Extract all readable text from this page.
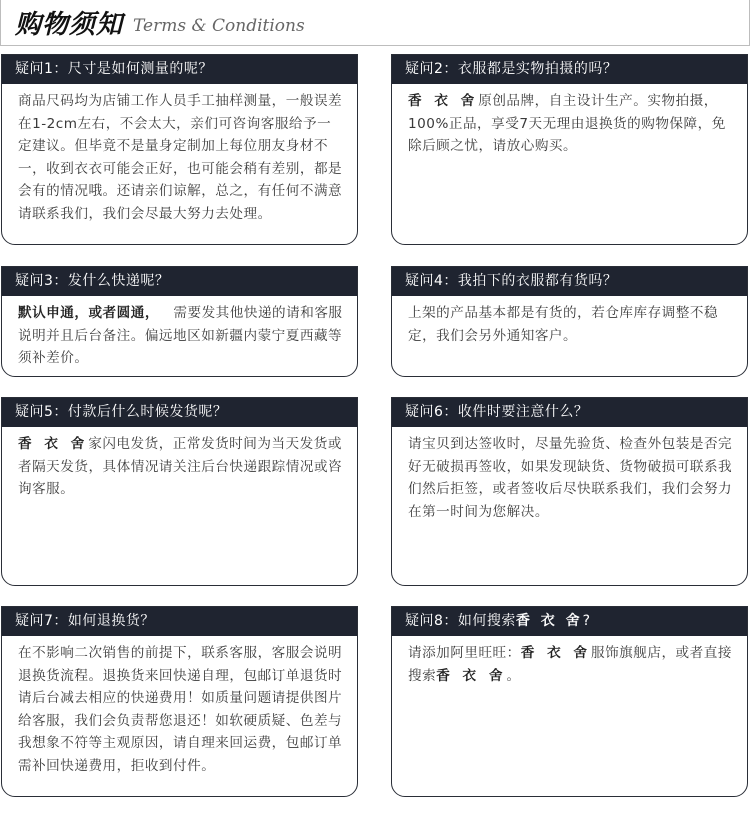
购物须知 Terms & Conditions
疑问1：尺寸是如何测量的呢？
商品尺码均为店铺工作人员手工抽样测量，一般误差在1-2cm左右，不会太大，亲们可咨询客服给予一定建议。但毕竟不是量身定制加上每位朋友身材不一，收到衣衣可能会正好，也可能会稍有差别，都是会有的情况哦。还请亲们谅解，总之，有任何不满意请联系我们，我们会尽最大努力去处理。
疑问2：衣服都是实物拍摄的吗？
香 衣 舍原创品牌，自主设计生产。实物拍摄，100%正品，享受7天无理由退换货的购物保障，免除后顾之忧，请放心购买。
疑问3：发什么快递呢？
默认申通，或者圆通， 需要发其他快递的请和客服说明并且后台备注。偏远地区如新疆内蒙宁夏西藏等须补差价。
疑问4：我拍下的衣服都有货吗？
上架的产品基本都是有货的，若仓库库存调整不稳定，我们会另外通知客户。
疑问5：付款后什么时候发货呢？
香 衣 舍家闪电发货，正常发货时间为当天发货或者隔天发货，具体情况请关注后台快递跟踪情况或咨询客服。
疑问6：收件时要注意什么？
请宝贝到达签收时，尽量先验货、检查外包装是否完好无破损再签收，如果发现缺货、货物破损可联系我们然后拒签，或者签收后尽快联系我们，我们会努力在第一时间为您解决。
疑问7：如何退换货？
在不影响二次销售的前提下，联系客服，客服会说明退换货流程。退换货来回快递自理，包邮订单退货时请后台减去相应的快递费用！如质量问题请提供图片给客服，我们会负责帮您退还！如软硬质疑、色差与我想象不符等主观原因，请自理来回运费，包邮订单需补回快递费用，拒收到付件。
疑问8：如何搜索香 衣 舍?
请添加阿里旺旺：香 衣 舍服饰旗舰店，或者直接搜索香 衣 舍。
